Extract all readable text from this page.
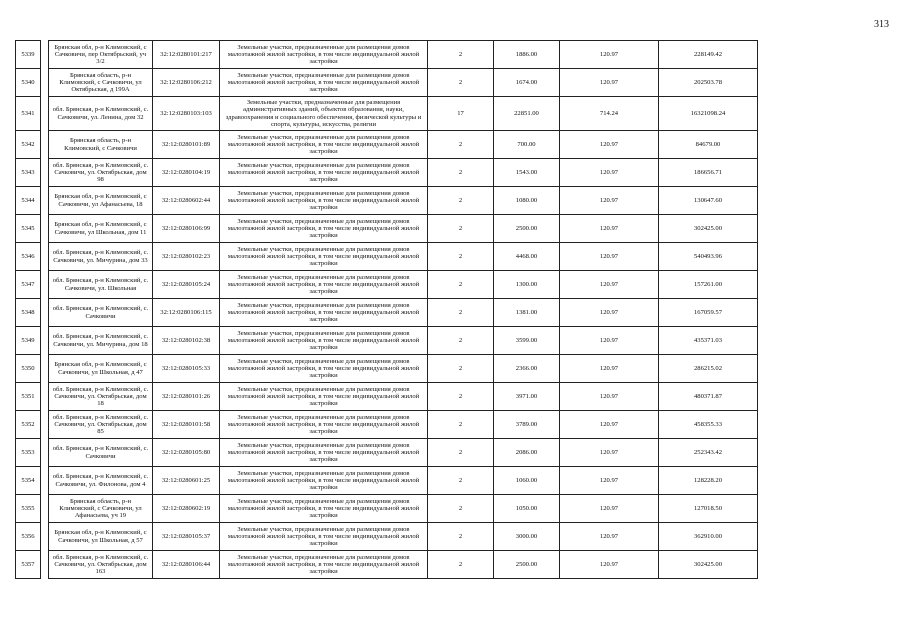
313
5339		Брянская обл, р-н Климовский, с Сачковичи, пер Октябрьский, уч 3/2	32:12:0280101:217	Земельные участки, предназначенные для размещения домов малоэтажной жилой застройки, в том числе индивидуальной жилой застройки	2	1886.00	120.97	228149.42
5340		Брянская область, р-н Климовский, с Сачковичи, ул Октябрьская, д 199А	32:12:0280106:212	Земельные участки, предназначенные для размещения домов малоэтажной жилой застройки, в том числе индивидуальной жилой застройки	2	1674.00	120.97	202503.78
5341		обл. Брянская, р-н Климовский, с. Сачковичи, ул. Ленина, дом 32	32:12:0280103:103	Земельные участки, предназначенные для размещения административных зданий, объектов образования, науки, здравоохранения и социального обеспечения, физической культуры и спорта, культуры, искусства, религии	17	22851.00	714.24	16321098.24
5342		Брянская область, р-н Климовский, с Сачковичи	32:12:0280101:89	Земельные участки, предназначенные для размещения домов малоэтажной жилой застройки, в том числе индивидуальной жилой застройки	2	700.00	120.97	84679.00
5343		обл. Брянская, р-н Климовский, с. Сачковичи, ул. Октябрьская, дом 98	32:12:0280104:19	Земельные участки, предназначенные для размещения домов малоэтажной жилой застройки, в том числе индивидуальной жилой застройки	2	1543.00	120.97	186656.71
5344		Брянская обл, р-н Климовский, с Сачковичи, ул Афанасьева, 18	32:12:0280602:44	Земельные участки, предназначенные для размещения домов малоэтажной жилой застройки, в том числе индивидуальной жилой застройки	2	1080.00	120.97	130647.60
5345		Брянская обл, р-н Климовский, с Сачковичи, ул Школьная, дом 11	32:12:0280106:99	Земельные участки, предназначенные для размещения домов малоэтажной жилой застройки, в том числе индивидуальной жилой застройки	2	2500.00	120.97	302425.00
5346		обл. Брянская, р-н Климовский, с. Сачковичи, ул. Мичурина, дом 33	32:12:0280102:23	Земельные участки, предназначенные для размещения домов малоэтажной жилой застройки, в том числе индивидуальной жилой застройки	2	4468.00	120.97	540493.96
5347		обл. Брянская, р-н Климовский, с. Сачковичи, ул. Школьная	32:12:0280105:24	Земельные участки, предназначенные для размещения домов малоэтажной жилой застройки, в том числе индивидуальной жилой застройки	2	1300.00	120.97	157261.00
5348		обл. Брянская, р-н Климовский, с. Сачковичи	32:12:0280106:115	Земельные участки, предназначенные для размещения домов малоэтажной жилой застройки, в том числе индивидуальной жилой застройки	2	1381.00	120.97	167059.57
5349		обл. Брянская, р-н Климовский, с. Сачковичи, ул. Мичурина, дом 18	32:12:0280102:38	Земельные участки, предназначенные для размещения домов малоэтажной жилой застройки, в том числе индивидуальной жилой застройки	2	3599.00	120.97	435371.03
5350		Брянская обл, р-н Климовский, с Сачковичи, ул Школьная, д 47	32:12:0280105:33	Земельные участки, предназначенные для размещения домов малоэтажной жилой застройки, в том числе индивидуальной жилой застройки	2	2366.00	120.97	286215.02
5351		обл. Брянская, р-н Климовский, с. Сачковичи, ул. Октябрьская, дом 18	32:12:0280101:26	Земельные участки, предназначенные для размещения домов малоэтажной жилой застройки, в том числе индивидуальной жилой застройки	2	3971.00	120.97	480371.87
5352		обл. Брянская, р-н Климовский, с. Сачковичи, ул. Октябрьская, дом 85	32:12:0280101:58	Земельные участки, предназначенные для размещения домов малоэтажной жилой застройки, в том числе индивидуальной жилой застройки	2	3789.00	120.97	458355.33
5353		обл. Брянская, р-н Климовский, с. Сачковичи	32:12:0280105:80	Земельные участки, предназначенные для размещения домов малоэтажной жилой застройки, в том числе индивидуальной жилой застройки	2	2086.00	120.97	252343.42
5354		обл. Брянская, р-н Климовский, с. Сачковичи, ул. Филонова, дом 4	32:12:0280601:25	Земельные участки, предназначенные для размещения домов малоэтажной жилой застройки, в том числе индивидуальной жилой застройки	2	1060.00	120.97	128228.20
5355		Брянская область, р-н Климовский, с Сачковичи, ул Афанасьева, уч 19	32:12:0280602:19	Земельные участки, предназначенные для размещения домов малоэтажной жилой застройки, в том числе индивидуальной жилой застройки	2	1050.00	120.97	127018.50
5356		Брянская обл, р-н Климовский, с Сачковичи, ул Школьная, д 57	32:12:0280105:37	Земельные участки, предназначенные для размещения домов малоэтажной жилой застройки, в том числе индивидуальной жилой застройки	2	3000.00	120.97	362910.00
5357		обл. Брянская, р-н Климовский, с. Сачковичи, ул. Октябрьская, дом 163	32:12:0280106:44	Земельные участки, предназначенные для размещения домов малоэтажной жилой застройки, в том числе индивидуальной жилой застройки	2	2500.00	120.97	302425.00
